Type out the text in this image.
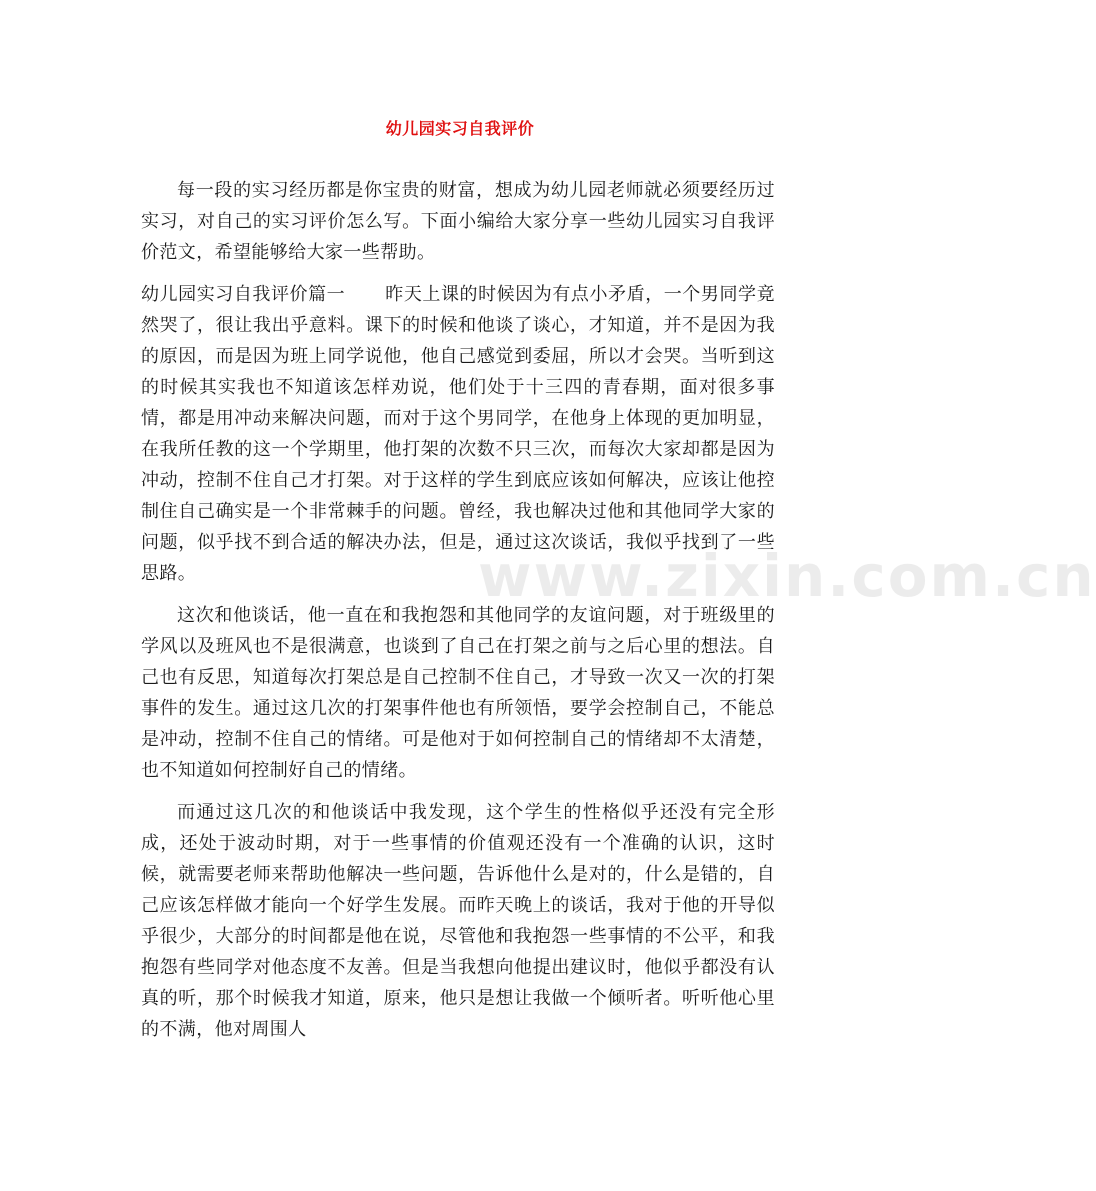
幼儿园实习自我评价

每一段的实习经历都是你宝贵的财富，想成为幼儿园老师就必须要经历过实习，对自己的实习评价怎么写。下面小编给大家分享一些幼儿园实习自我评价范文，希望能够给大家一些帮助。

幼儿园实习自我评价篇一 昨天上课的时候因为有点小矛盾，一个男同学竟然哭了，很让我出乎意料。课下的时候和他谈了谈心，才知道，并不是因为我的原因，而是因为班上同学说他，他自己感觉到委屈，所以才会哭。当听到这的时候其实我也不知道该怎样劝说，他们处于十三四的青春期，面对很多事情，都是用冲动来解决问题，而对于这个男同学，在他身上体现的更加明显，在我所任教的这一个学期里，他打架的次数不只三次，而每次大家却都是因为冲动，控制不住自己才打架。对于这样的学生到底应该如何解决，应该让他控制住自己确实是一个非常棘手的问题。曾经，我也解决过他和其他同学大家的问题，似乎找不到合适的解决办法，但是，通过这次谈话，我似乎找到了一些思路。

这次和他谈话，他一直在和我抱怨和其他同学的友谊问题，对于班级里的学风以及班风也不是很满意，也谈到了自己在打架之前与之后心里的想法。自己也有反思，知道每次打架总是自己控制不住自己，才导致一次又一次的打架事件的发生。通过这几次的打架事件他也有所领悟，要学会控制自己，不能总是冲动，控制不住自己的情绪。可是他对于如何控制自己的情绪却不太清楚，也不知道如何控制好自己的情绪。

而通过这几次的和他谈话中我发现，这个学生的性格似乎还没有完全形成，还处于波动时期，对于一些事情的价值观还没有一个准确的认识，这时候，就需要老师来帮助他解决一些问题，告诉他什么是对的，什么是错的，自己应该怎样做才能向一个好学生发展。而昨天晚上的谈话，我对于他的开导似乎很少，大部分的时间都是他在说，尽管他和我抱怨一些事情的不公平，和我抱怨有些同学对他态度不友善。但是当我想向他提出建议时，他似乎都没有认真的听，那个时候我才知道，原来，他只是想让我做一个倾听者。听听他心里的不满，他对周围人

www.zixin.com.cn
